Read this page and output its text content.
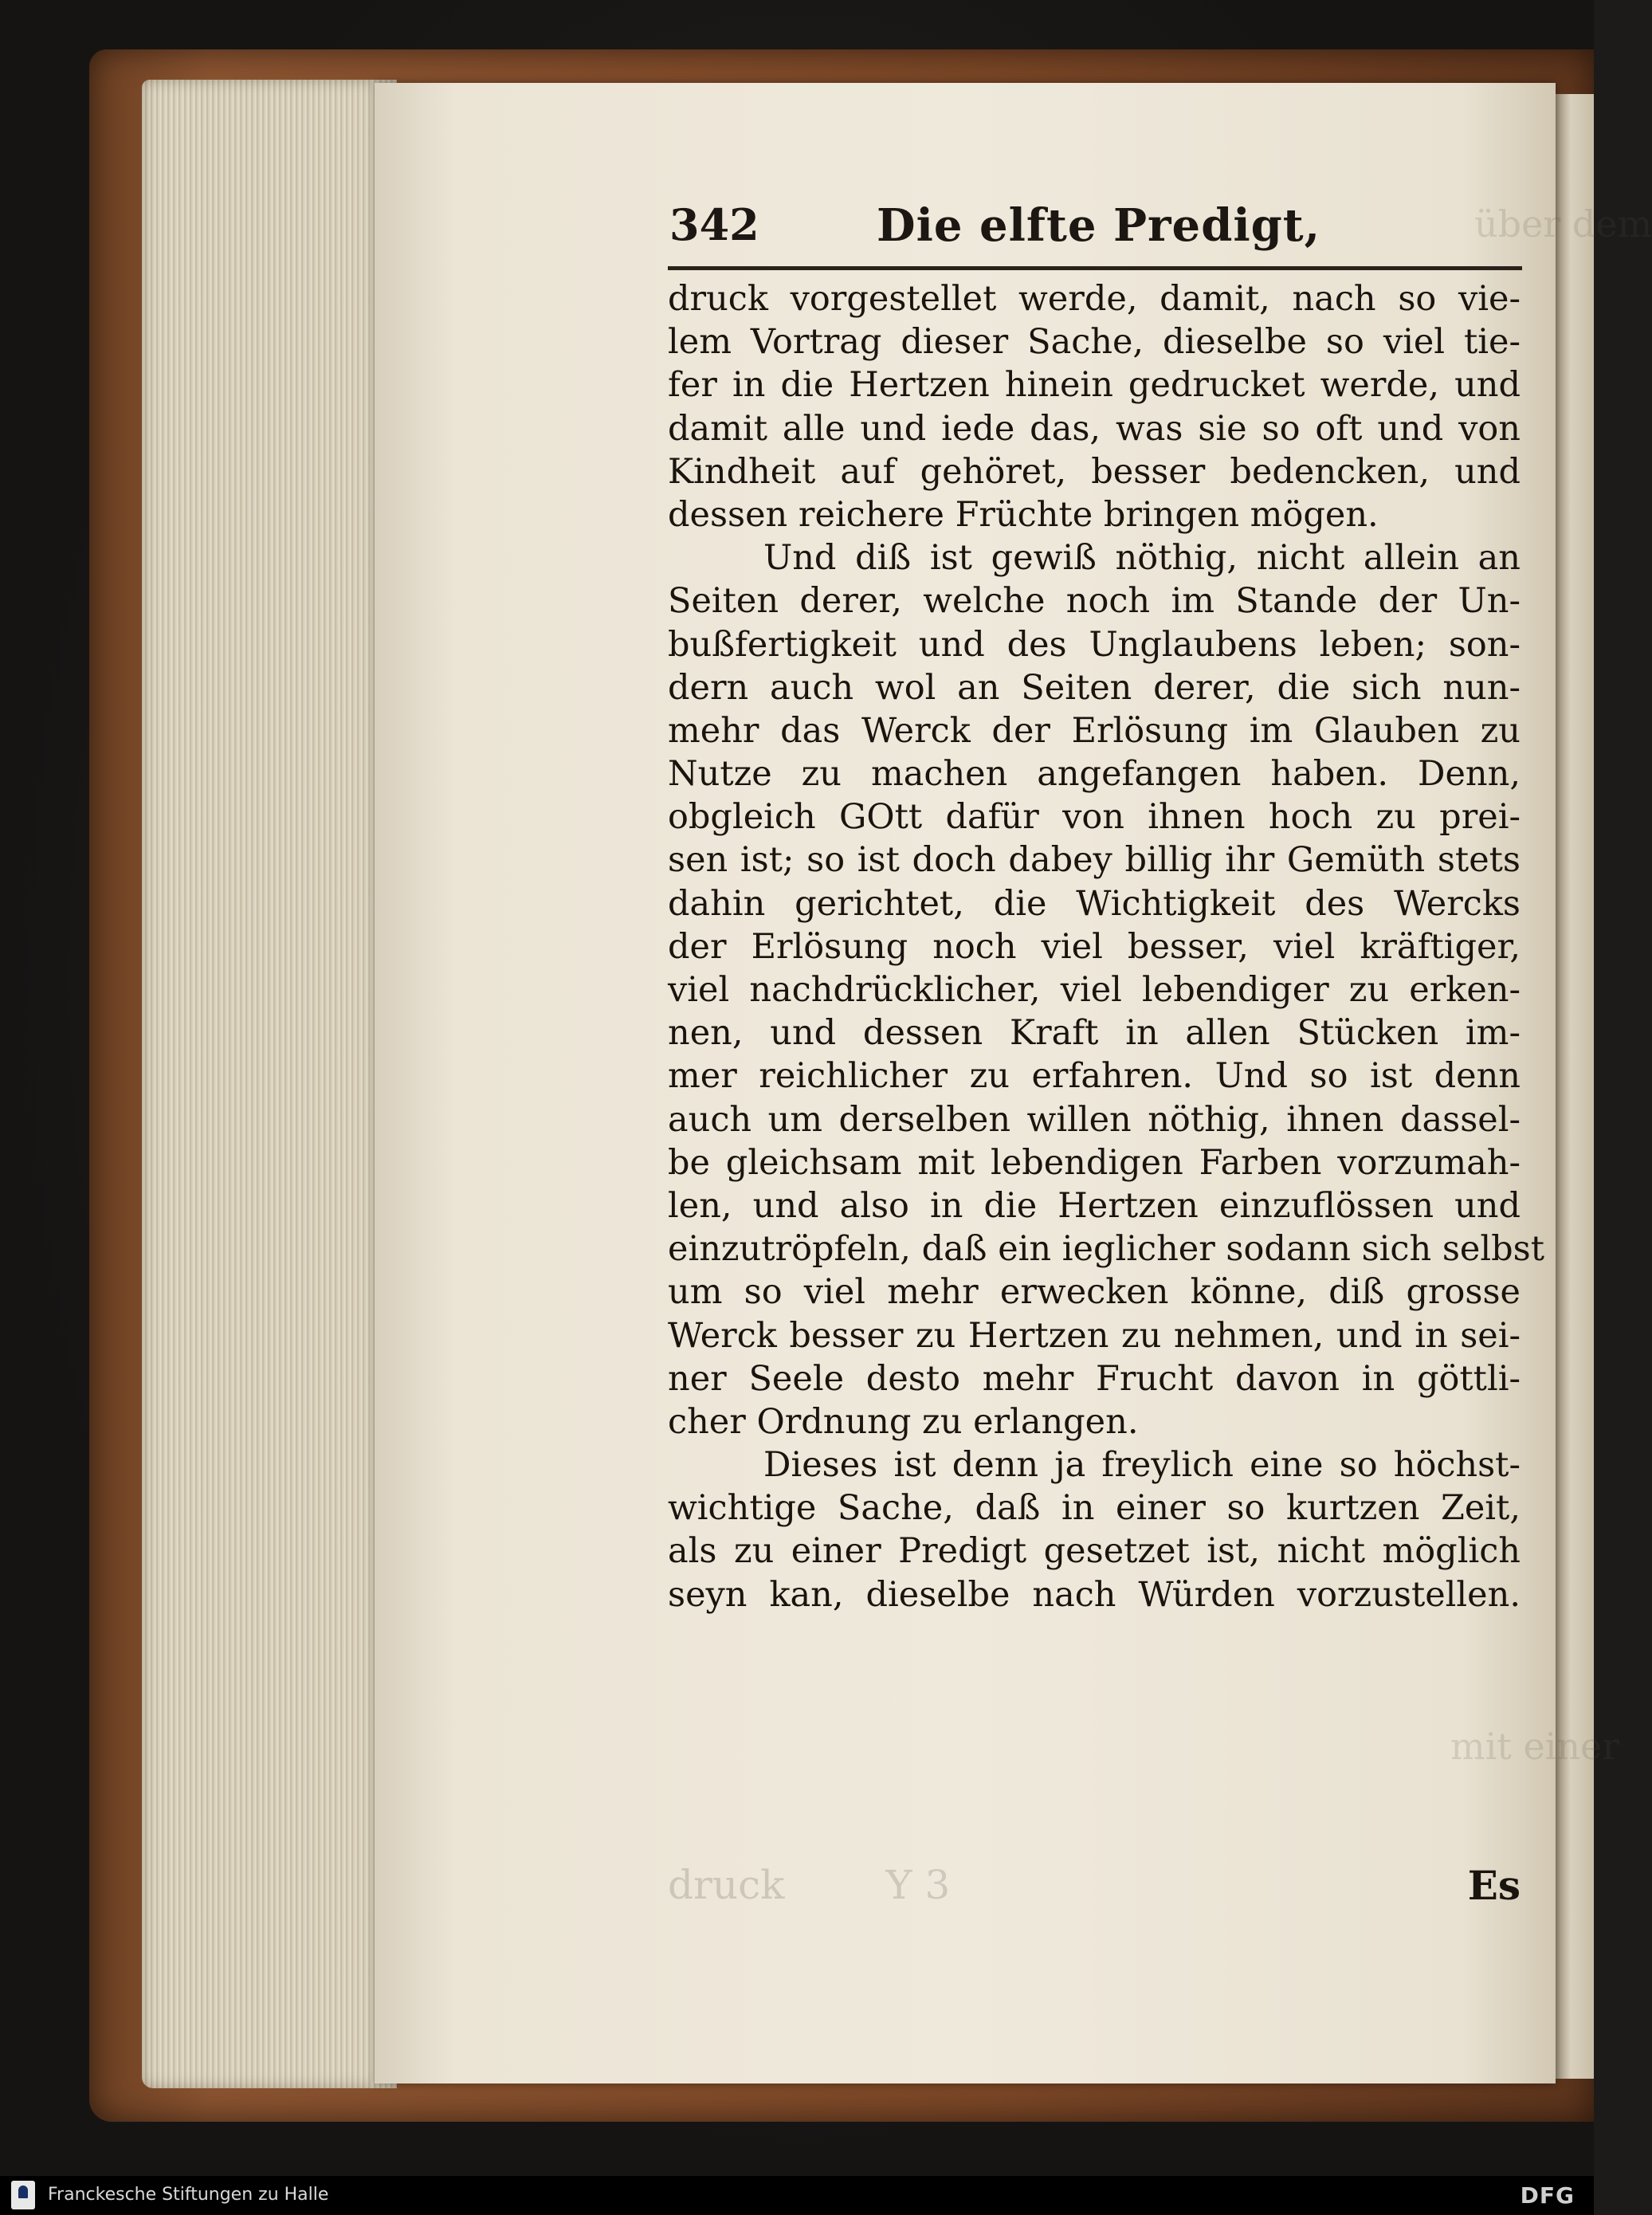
über dem
mit einer
342	Die elfte Predigt,
druck vorgestellet werde, damit, nach so vie-
lem Vortrag dieser Sache, dieselbe so viel tie-
fer in die Hertzen hinein gedrucket werde, und
damit alle und iede das, was sie so oft und von
Kindheit auf gehöret, besser bedencken, und
dessen reichere Früchte bringen mögen.
Und diß ist gewiß nöthig, nicht allein an
Seiten derer, welche noch im Stande der Un-
bußfertigkeit und des Unglaubens leben; son-
dern auch wol an Seiten derer, die sich nun-
mehr das Werck der Erlösung im Glauben zu
Nutze zu machen angefangen haben. Denn,
obgleich GOtt dafür von ihnen hoch zu prei-
sen ist; so ist doch dabey billig ihr Gemüth stets
dahin gerichtet, die Wichtigkeit des Wercks
der Erlösung noch viel besser, viel kräftiger,
viel nachdrücklicher, viel lebendiger zu erken-
nen, und dessen Kraft in allen Stücken im-
mer reichlicher zu erfahren. Und so ist denn
auch um derselben willen nöthig, ihnen dassel-
be gleichsam mit lebendigen Farben vorzumah-
len, und also in die Hertzen einzuflössen und
einzutröpfeln, daß ein ieglicher sodann sich selbst
um so viel mehr erwecken könne, diß grosse
Werck besser zu Hertzen zu nehmen, und in sei-
ner Seele desto mehr Frucht davon in göttli-
cher Ordnung zu erlangen.
Dieses ist denn ja freylich eine so höchst-
wichtige Sache, daß in einer so kurtzen Zeit,
als zu einer Predigt gesetzet ist, nicht möglich
seyn kan, dieselbe nach Würden vorzustellen.
druck        Y 3	Es
Franckesche Stiftungen zu Halle	DFG
